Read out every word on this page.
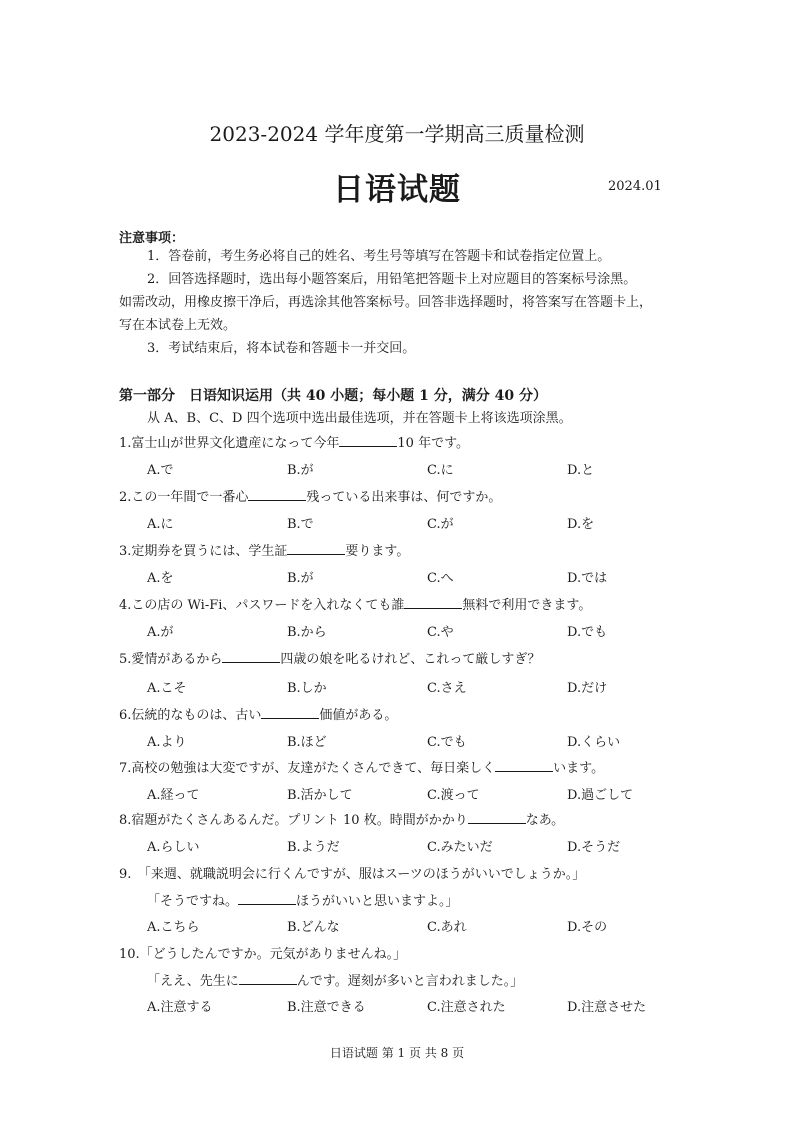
2023-2024 学年度第一学期高三质量检测
日语试题	2024.01
注意事项：
1．答卷前，考生务必将自己的姓名、考生号等填写在答题卡和试卷指定位置上。
2．回答选择题时，选出每小题答案后，用铅笔把答题卡上对应题目的答案标号涂黑。
如需改动，用橡皮擦干净后，再选涂其他答案标号。回答非选择题时，将答案写在答题卡上，
写在本试卷上无效。
3．考试结束后，将本试卷和答题卡一并交回。
第一部分　日语知识运用（共 40 小题；每小题 1 分，满分 40 分）
从 A、B、C、D 四个选项中选出最佳选项，并在答题卡上将该选项涂黑。
1.富士山が世界文化遺産になって今年	10 年です。
A.で	B.が	C.に	D.と
2.この一年間で一番心	残っている出来事は、何ですか。
A.に	B.で	C.が	D.を
3.定期券を買うには、学生証	要ります。
A.を	B.が	C.へ	D.では
4.この店の Wi-Fi、パスワードを入れなくても誰	無料で利用できます。
A.が	B.から	C.や	D.でも
5.愛情があるから	四歳の娘を叱るけれど、これって厳しすぎ？
A.こそ	B.しか	C.さえ	D.だけ
6.伝統的なものは、古い	価値がある。
A.より	B.ほど	C.でも	D.くらい
7.高校の勉強は大変ですが、友達がたくさんできて、毎日楽しく	います。
A.経って	B.活かして	C.渡って	D.過ごして
8.宿題がたくさんあるんだ。プリント 10 枚。時間がかかり	なあ。
A.らしい	B.ようだ	C.みたいだ	D.そうだ
9.　「来週、就職説明会に行くんですが、服はスーツのほうがいいでしょうか。」
「そうですね。	ほうがいいと思いますよ。」
A.こちら	B.どんな	C.あれ	D.その
10.「どうしたんですか。元気がありませんね。」
「ええ、先生に	んです。遅刻が多いと言われました。」
A.注意する	B.注意できる	C.注意された	D.注意させた
日语试题 第 1 页 共 8 页
